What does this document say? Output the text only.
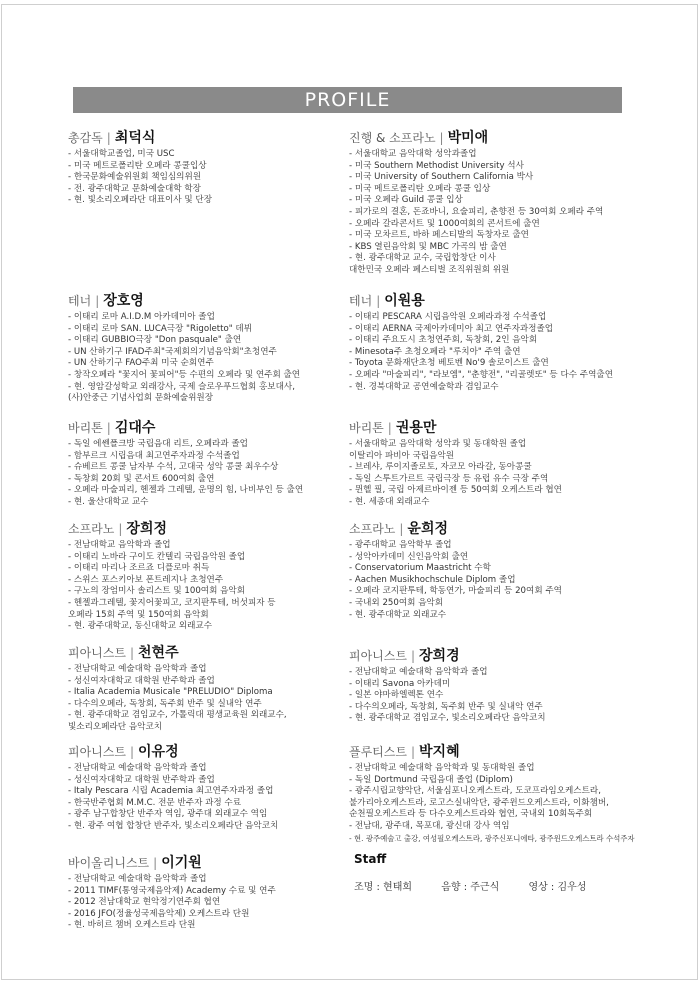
PROFILE
총감독 | 최덕식
- 서울대학교졸업, 미국 USC
- 미국 메트로폴리탄 오페라 콩쿨입상
- 한국문화예술위원회 책임심의위원
- 전. 광주대학교 문화예술대학 학장
- 현. 빛소리오페라단 대표이사 및 단장
테너 | 장호영
- 이태리 로마 A.I.D.M 아카데미아 졸업
- 이태리 로마 SAN. LUCA극장 "Rigoletto" 데뷔
- 이태리 GUBBIO극장 "Don pasquale" 출연
- UN 산하기구 IFAD주최"국제회의기념음악회"초청연주
- UN 산하기구 FAO주최 미국 순회연주
- 창작오페라 "꽃지어 꽃피어"등 수편의 오페라 및 연주회 출연
- 현. 영암갈성학교 외래강사, 국제 슬로우푸드협회 홍보대사,
(사)안중근 기념사업회 문화예술위원장
바리톤 | 김대수
- 독일 에쎈폴크방 국립음대 리트, 오페라과 졸업
- 함부르크 시립음대 최고연주자과정 수석졸업
- 슈베르트 콩쿨 남자부 수석, 고대국 성악 콩쿨 최우수상
- 독창회 20회 및 콘서트 600여회 출연
- 오페라 마술피리, 헨젤과 그레텔, 운명의 힘, 나비부인 등 출연
- 현. 울산대학교 교수
소프라노 | 장희정
- 전남대학교 음악학과 졸업
- 이태리 노바라 구이도 칸텔리 국립음악원 졸업
- 이태리 마리나 조르죠 디플로마 취득
- 스위스 포스키아보 폰트레지나 초청연주
- 구노의 장엄미사 솔리스트 및 100여회 음악회
- 헨젤과그레텔, 꽃지어꽃피고, 코지판투테, 버섯피자 등
오페라 15회 주역 및 150여회 음악회
- 현. 광주대학교, 동신대학교 외래교수
피아니스트 | 천현주
- 전남대학교 예술대학 음악학과 졸업
- 성신여자대학교 대학원 반주학과 졸업
- Italia Academia Musicale "PRELUDIO" Diploma
- 다수의오페라, 독창회, 독주회 반주 및 실내악 연주
- 현. 광주대학교 겸임교수, 가톨릭대 평생교육원 외래교수,
빛소리오페라단 음악코치
피아니스트 | 이유정
- 전남대학교 예술대학 음악학과 졸업
- 성신여자대학교 대학원 반주학과 졸업
- Italy Pescara 시립 Academia 최고연주자과정 졸업
- 한국반주협회 M.M.C. 전문 반주자 과정 수료
- 광주 남구합창단 반주자 역임, 광주대 외래교수 역임
- 현. 광주 여협 합창단 반주자, 빛소리오페라단 음악코치
바이올리니스트 | 이기원
- 전남대학교 예술대학 음악학과 졸업
- 2011 TIMF(통영국제음악제) Academy 수료 및 연주
- 2012 전남대학교 현악정기연주회 협연
- 2016 JFO(정율성국제음악제) 오케스트라 단원
- 현. 바히르 챔버 오케스트라 단원
진행 & 소프라노 | 박미애
- 서울대학교 음악대학 성악과졸업
- 미국 Southern Methodist University 석사
- 미국 University of Southern California 박사
- 미국 메트로폴리탄 오페라 콩쿨 입상
- 미국 오페라 Guild 콩쿨 입상
- 피가로의 결혼, 돈죠바니, 요술피리, 춘향전 등 30여회 오페라 주역
- 오페라 갈라콘서트 및 1000여회의 콘서트에 출연
- 미국 모차르트, 바하 페스티발의 독창자로 출연
- KBS 열린음악회 및 MBC 가곡의 밤 출연
- 현. 광주대학교 교수, 국립합창단 이사
대한민국 오페라 페스티벌 조직위원회 위원
테너 | 이원용
- 이태리 PESCARA 시립음악원 오페라과정 수석졸업
- 이태리 AERNA 국제아카데미아 최고 연주자과정졸업
- 이태리 주요도시 초청연주회, 독창회, 2인 음악회
- Minesota주 초청오페라 "루치아" 주역 출연
- Toyota 문화재단초청 베토벤 No'9 솔로이스트 출연
- 오페라 "마술피리", "라보엠", "춘향전", "리골렛또" 등 다수 주역출연
- 현. 경북대학교 공연예술학과 겸임교수
바리톤 | 권용만
- 서울대학교 음악대학 성악과 및 동대학원 졸업
이탈리아 파비아 국립음악원
- 브레샤, 루이지졸로토, 자코모 아라갈, 동아콩쿨
- 독일 스투트가르트 국립극장 등 유럽 유수 극장 주역
- 뮌헬 필, 국립 아제르바이젠 등 50여회 오케스트라 협연
- 현. 세종대 외래교수
소프라노 | 윤희정
- 광주대학교 음악학부 졸업
- 성악아카데미 신인음악회 출연
- Conservatorium Maastricht 수학
- Aachen Musikhochschule Diplom 졸업
- 오페라 코지판투테, 학동연가, 마술피리 등 20여회 주역
- 국내외 250여회 음악회
- 현. 광주대학교 외래교수
피아니스트 | 장희경
- 전남대학교 예술대학 음악학과 졸업
- 이태리 Savona 아카데미
- 일본 야마하엘렉톤 연수
- 다수의오페라, 독창회, 독주회 반주 및 실내악 연주
- 현. 광주대학교 겸임교수, 빛소리오페라단 음악코치
플루티스트 | 박지혜
- 전남대학교 예술대학 음악학과 및 동대학원 졸업
- 독일 Dortmund 국립음대 졸업 (Diplom)
- 광주시립교향악단, 서울심포니오케스트라, 도코프라임오케스트라,
불가리아오케스트라, 로고스실내악단, 광주윈드오케스트라, 이화챔버,
순천필오케스트라 등 다수오케스트라와 협연, 국내외 10회독주회
- 전남대, 광주대, 목포대, 광신대 강사 역임
- 현. 광주예술고 출강, 여성필오케스트라, 광주신포니에타, 광주윈드오케스트라 수석주자
Staff
조명 : 현태희	음향 : 주근식	영상 : 김우성
